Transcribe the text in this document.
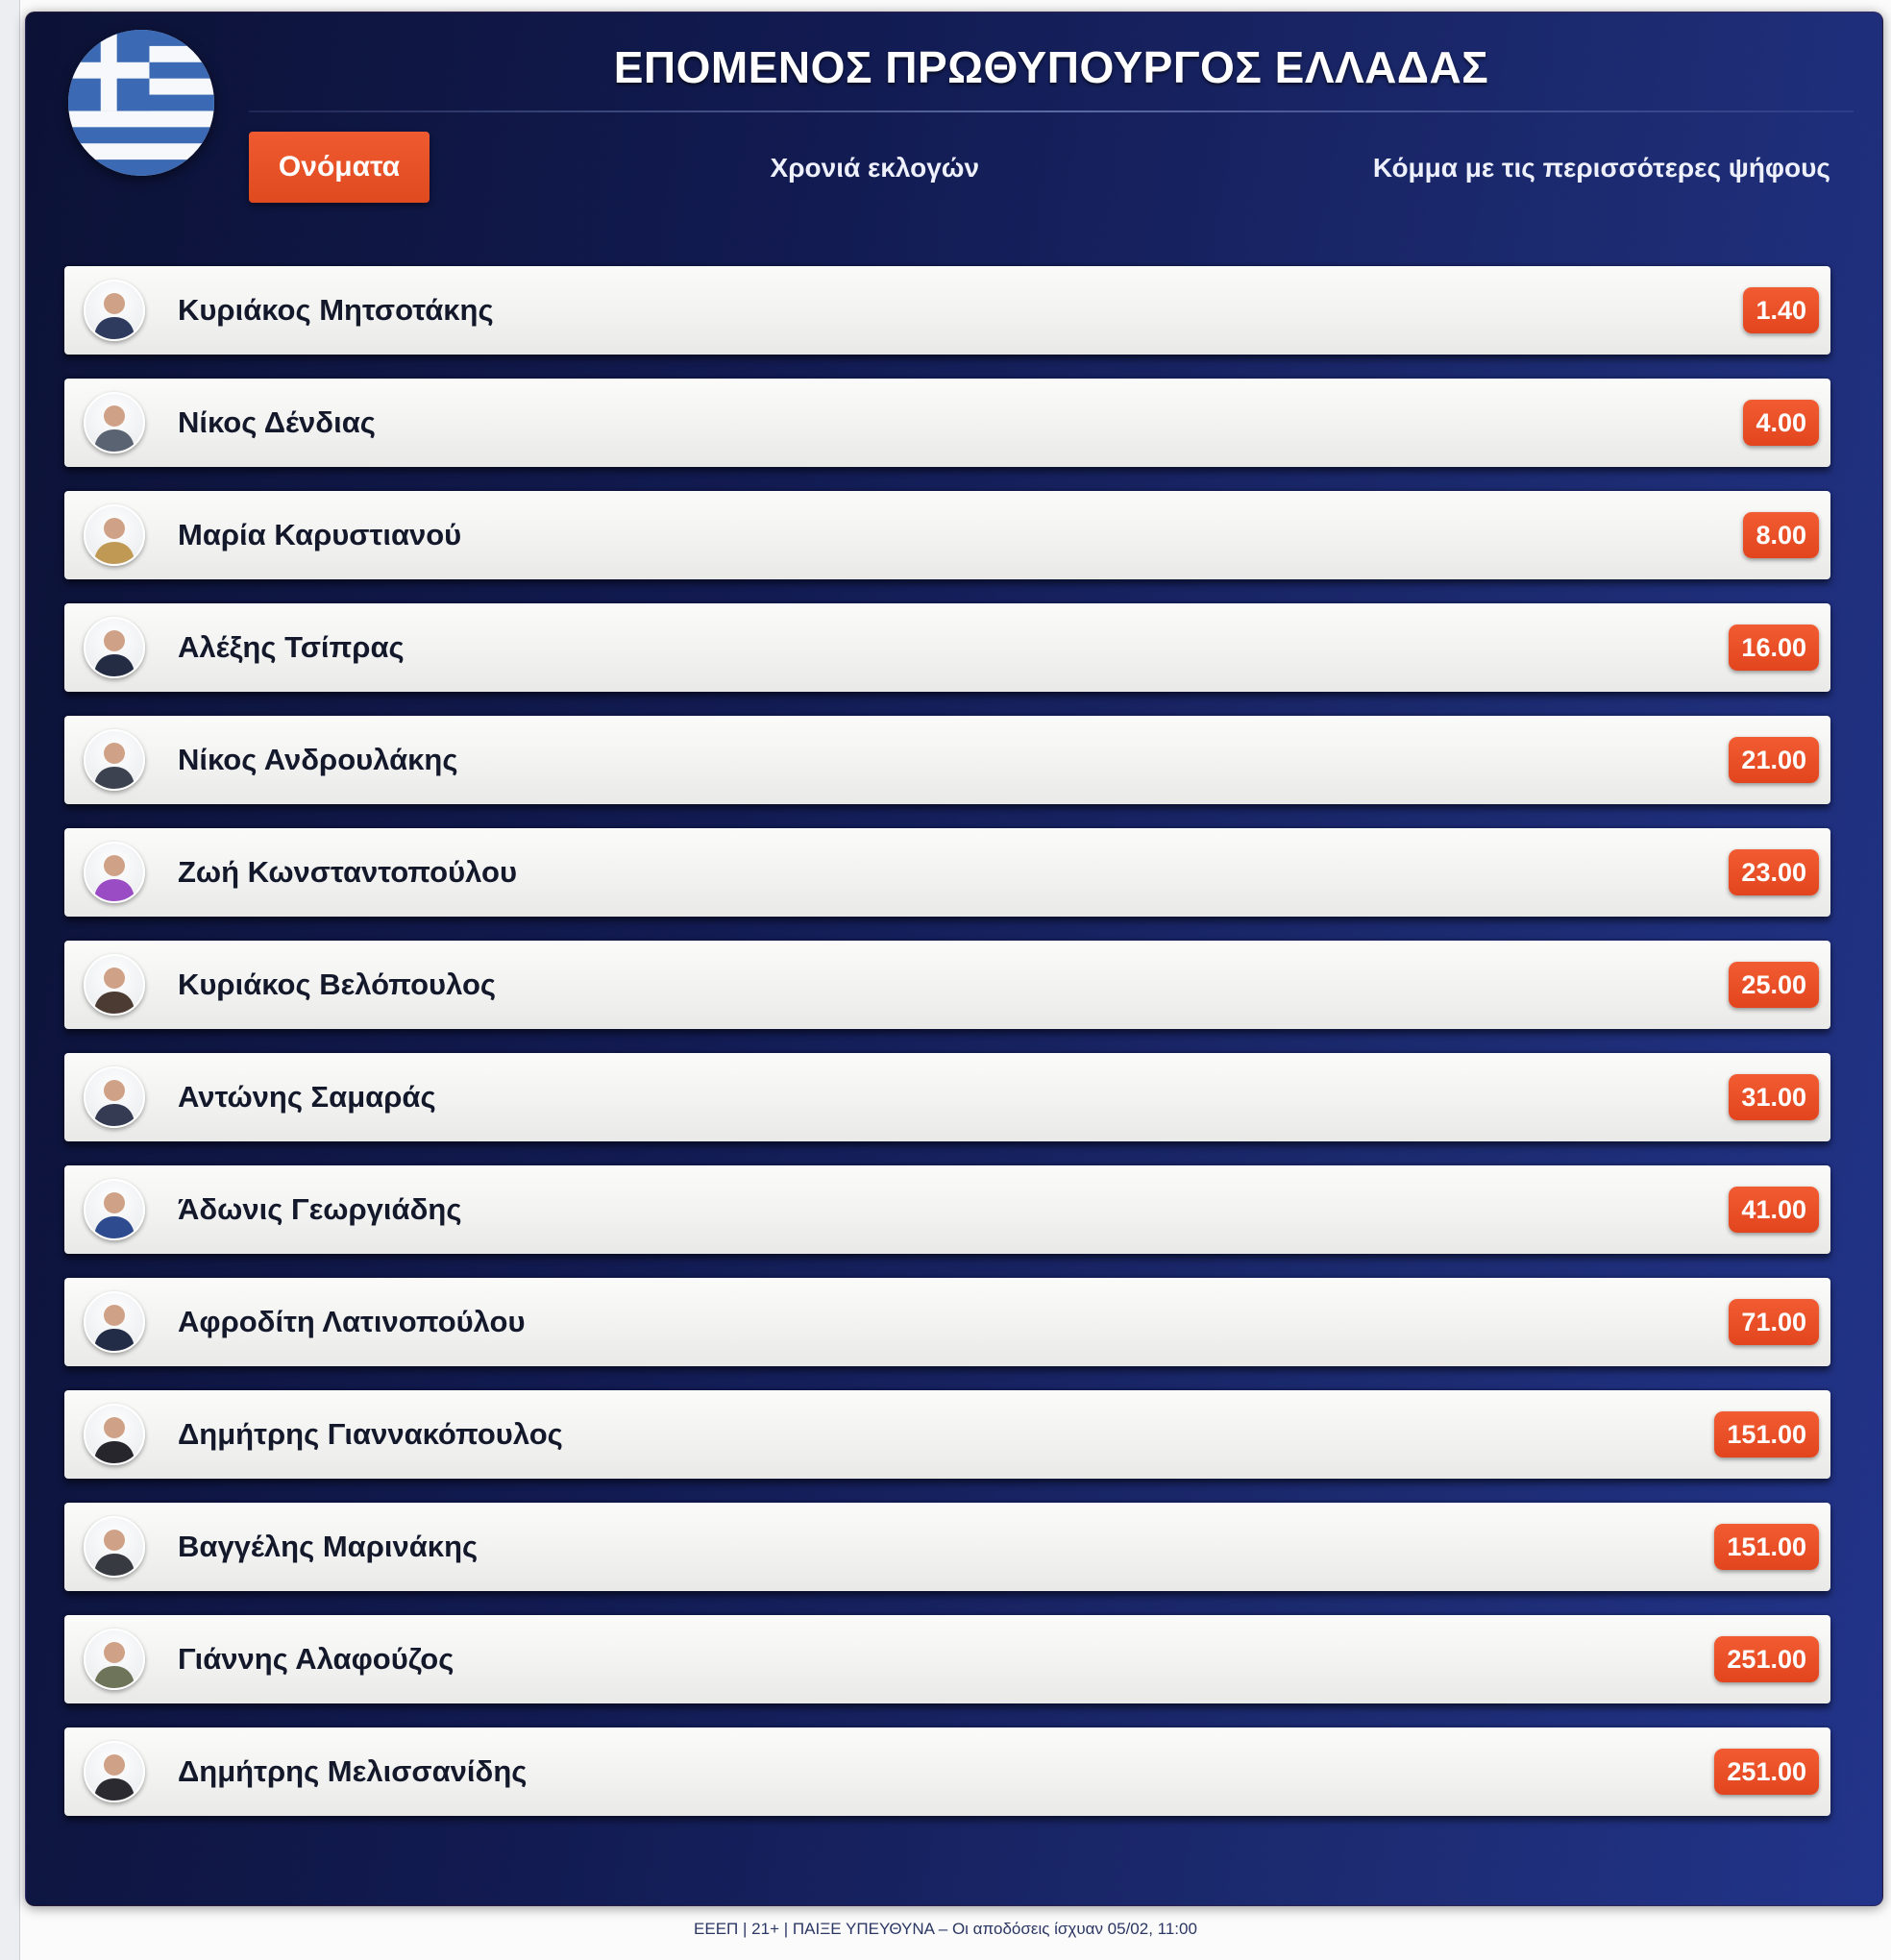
ΕΠΟΜΕΝΟΣ ΠΡΩΘΥΠΟΥΡΓΟΣ ΕΛΛΑΔΑΣ
Ονόματα	Χρονιά εκλογών	Κόμμα με τις περισσότερες ψήφους
Κυριάκος Μητσοτάκης	1.40
Νίκος Δένδιας	4.00
Μαρία Καρυστιανού	8.00
Αλέξης Τσίπρας	16.00
Νίκος Ανδρουλάκης	21.00
Ζωή Κωνσταντοπούλου	23.00
Κυριάκος Βελόπουλος	25.00
Αντώνης Σαμαράς	31.00
Άδωνις Γεωργιάδης	41.00
Αφροδίτη Λατινοπούλου	71.00
Δημήτρης Γιαννακόπουλος	151.00
Βαγγέλης Μαρινάκης	151.00
Γιάννης Αλαφούζος	251.00
Δημήτρης Μελισσανίδης	251.00
ΕΕΕΠ | 21+ | ΠΑΙΞΕ ΥΠΕΥΘΥΝΑ – Οι αποδόσεις ίσχυαν 05/02, 11:00
